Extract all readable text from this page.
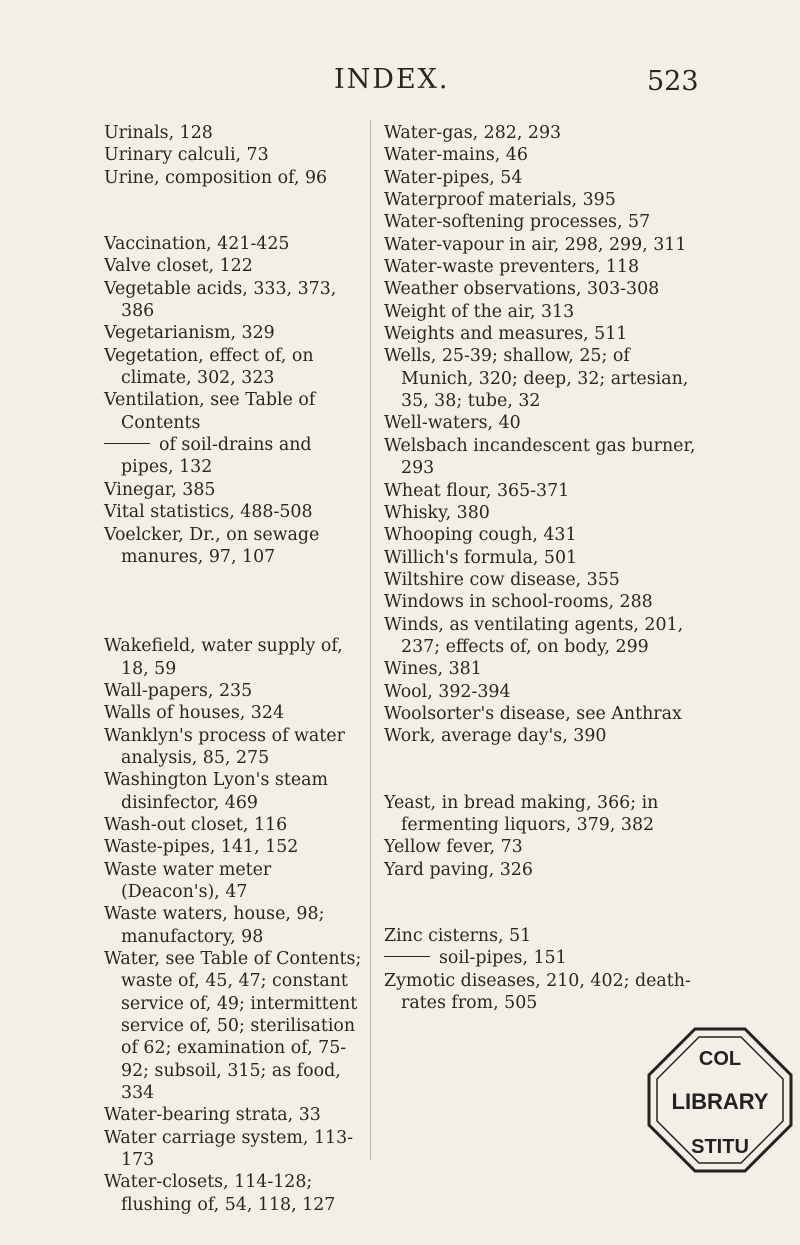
INDEX.	523
Urinals, 128
Urinary calculi, 73
Urine, composition of, 96
Vaccination, 421-425
Valve closet, 122
Vegetable acids, 333, 373, 386
Vegetarianism, 329
Vegetation, effect of, on climate, 302, 323
Ventilation, see Table of Contents
of soil-drains and pipes, 132
Vinegar, 385
Vital statistics, 488-508
Voelcker, Dr., on sewage manures, 97, 107
Wakefield, water supply of, 18, 59
Wall-papers, 235
Walls of houses, 324
Wanklyn's process of water analysis, 85, 275
Washington Lyon's steam disinfector, 469
Wash-out closet, 116
Waste-pipes, 141, 152
Waste water meter (Deacon's), 47
Waste waters, house, 98; manufactory, 98
Water, see Table of Contents; waste of, 45, 47; constant service of, 49; intermittent service of, 50; sterilisation of 62; examination of, 75-92; subsoil, 315; as food, 334
Water-bearing strata, 33
Water carriage system, 113-173
Water-closets, 114-128; flushing of, 54, 118, 127
Water-gas, 282, 293
Water-mains, 46
Water-pipes, 54
Waterproof materials, 395
Water-softening processes, 57
Water-vapour in air, 298, 299, 311
Water-waste preventers, 118
Weather observations, 303-308
Weight of the air, 313
Weights and measures, 511
Wells, 25-39; shallow, 25; of Munich, 320; deep, 32; artesian, 35, 38; tube, 32
Well-waters, 40
Welsbach incandescent gas burner, 293
Wheat flour, 365-371
Whisky, 380
Whooping cough, 431
Willich's formula, 501
Wiltshire cow disease, 355
Windows in school-rooms, 288
Winds, as ventilating agents, 201, 237; effects of, on body, 299
Wines, 381
Wool, 392-394
Woolsorter's disease, see Anthrax
Work, average day's, 390
Yeast, in bread making, 366; in fermenting liquors, 379, 382
Yellow fever, 73
Yard paving, 326
Zinc cisterns, 51
soil-pipes, 151
Zymotic diseases, 210, 402; death-rates from, 505
COL
LIBRARY
STITU
